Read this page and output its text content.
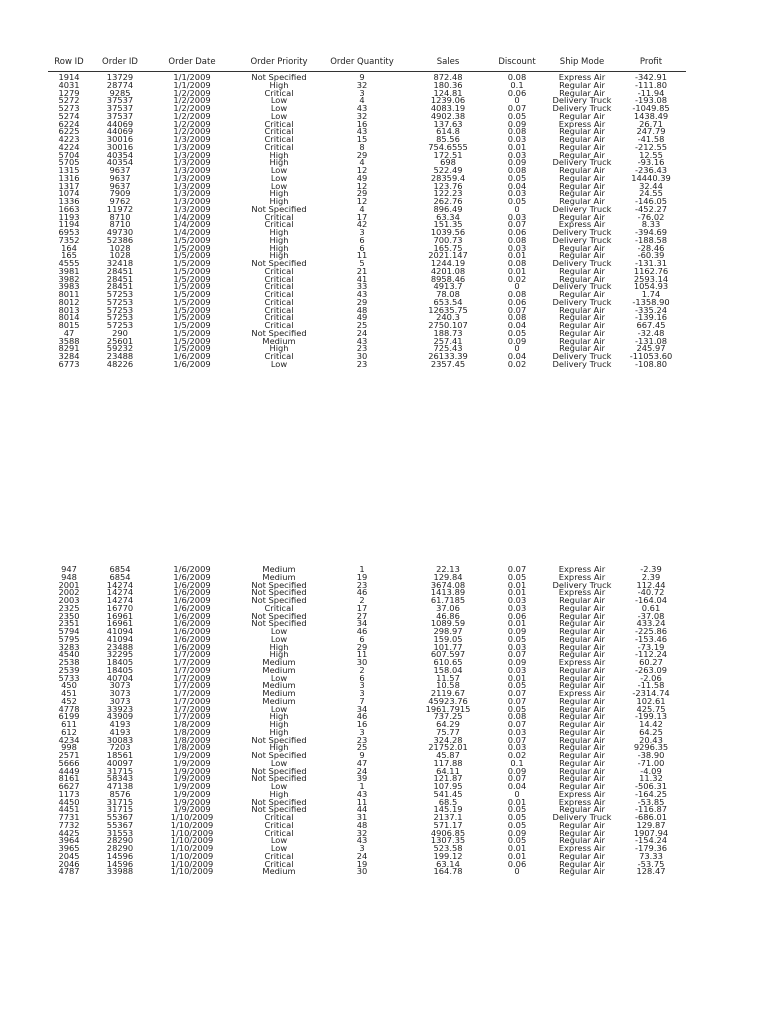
Row ID Order ID	Order Date	Order Priority	Order Quantity	Sales	Discount	Ship Mode	Profit
1914	13729	1/1/2009	Not Specified	9	872.48	0.08	Express Air	-342.91
4031	28774	1/1/2009	High	32	180.36	0.1	Regular Air	-111.80
1279	9285	1/2/2009	Critical	3	124.81	0.06	Regular Air	-11.94
5272	37537	1/2/2009	Low	4	1239.06	0	Delivery Truck	-193.08
5273	37537	1/2/2009	Low	43	4083.19	0.07	Delivery Truck	-1049.85
5274	37537	1/2/2009	Low	32	4902.38	0.05	Regular Air	1438.49
6224	44069	1/2/2009	Critical	16	137.63	0.09	Express Air	26.71
6225	44069	1/2/2009	Critical	43	614.8	0.08	Regular Air	247.79
4223	30016	1/3/2009	Critical	15	85.56	0.03	Regular Air	-41.58
4224	30016	1/3/2009	Critical	8	754.6555	0.01	Regular Air	-212.55
5704	40354	1/3/2009	High	29	172.51	0.03	Regular Air	12.55
5705	40354	1/3/2009	High	4	698	0.09	Delivery Truck	-93.16
1315	9637	1/3/2009	Low	12	522.49	0.08	Regular Air	-236.43
1316	9637	1/3/2009	Low	49	28359.4	0.05	Regular Air	14440.39
1317	9637	1/3/2009	Low	12	123.76	0.04	Regular Air	32.44
1074	7909	1/3/2009	High	29	122.23	0.03	Regular Air	24.55
1336	9762	1/3/2009	High	12	262.76	0.05	Regular Air	-146.05
1663	11972	1/3/2009	Not Specified	4	896.49	0	Delivery Truck	-452.27
1193	8710	1/4/2009	Critical	17	63.34	0.03	Regular Air	-76.02
1194	8710	1/4/2009	Critical	42	151.35	0.07	Express Air	8.33
6953	49730	1/4/2009	High	3	1039.56	0.06	Delivery Truck	-394.69
7352	52386	1/5/2009	High	6	700.73	0.08	Delivery Truck	-188.58
164	1028	1/5/2009	High	6	165.75	0.03	Regular Air	-28.46
165	1028	1/5/2009	High	11	2021.147	0.01	Regular Air	-60.39
4555	32418	1/5/2009	Not Specified	5	1244.19	0.08	Delivery Truck	-131.31
3981	28451	1/5/2009	Critical	21	4201.08	0.01	Regular Air	1162.76
3982	28451	1/5/2009	Critical	41	8958.46	0.02	Regular Air	2593.14
3983	28451	1/5/2009	Critical	33	4913.7	0	Delivery Truck	1054.93
8011	57253	1/5/2009	Critical	43	78.08	0.08	Regular Air	1.74
8012	57253	1/5/2009	Critical	29	653.54	0.06	Delivery Truck	-1358.90
8013	57253	1/5/2009	Critical	48	12635.75	0.07	Regular Air	-335.24
8014	57253	1/5/2009	Critical	49	240.3	0.08	Regular Air	-139.16
8015	57253	1/5/2009	Critical	25	2750.107	0.04	Regular Air	667.45
47	290	1/5/2009	Not Specified	24	188.73	0.05	Regular Air	-32.48
3588	25601	1/5/2009	Medium	43	257.41	0.09	Regular Air	-131.08
8291	59232	1/5/2009	High	23	725.43	0	Regular Air	245.97
3284	23488	1/6/2009	Critical	30	26133.39	0.04	Delivery Truck -11053.60
6773	48226	1/6/2009	Low	23	2357.45	0.02	Delivery Truck	-108.80
947	6854	1/6/2009	Medium	1	22.13	0.07	Express Air	-2.39
948	6854	1/6/2009	Medium	19	129.84	0.05	Express Air	2.39
2001	14274	1/6/2009	Not Specified	23	3674.08	0.01	Delivery Truck	112.44
2002	14274	1/6/2009	Not Specified	46	1413.89	0.01	Express Air	-40.72
2003	14274	1/6/2009	Not Specified	2	61.7185	0.03	Regular Air	-164.04
2325	16770	1/6/2009	Critical	17	37.06	0.03	Regular Air	0.61
2350	16961	1/6/2009	Not Specified	27	46.86	0.06	Regular Air	-37.08
2351	16961	1/6/2009	Not Specified	34	1089.59	0.01	Regular Air	433.24
5794	41094	1/6/2009	Low	46	298.97	0.09	Regular Air	-225.86
5795	41094	1/6/2009	Low	6	159.05	0.05	Regular Air	-153.46
3283	23488	1/6/2009	High	29	101.77	0.03	Regular Air	-73.19
4540	32295	1/7/2009	High	11	607.597	0.07	Regular Air	-112.24
2538	18405	1/7/2009	Medium	30	610.65	0.09	Express Air	60.27
2539	18405	1/7/2009	Medium	2	158.04	0.03	Regular Air	-263.09
5733	40704	1/7/2009	Low	6	11.57	0.01	Regular Air	-2.06
450	3073	1/7/2009	Medium	3	10.58	0.05	Regular Air	-11.58
451	3073	1/7/2009	Medium	3	2119.67	0.07	Express Air	-2314.74
452	3073	1/7/2009	Medium	7	45923.76	0.07	Regular Air	102.61
4778	33923	1/7/2009	Low	34	1961.7915	0.05	Regular Air	425.75
6199	43909	1/7/2009	High	46	737.25	0.08	Regular Air	-199.13
611	4193	1/8/2009	High	16	64.29	0.07	Regular Air	14.42
612	4193	1/8/2009	High	3	75.77	0.03	Regular Air	64.25
4234	30083	1/8/2009	Not Specified	23	324.28	0.07	Regular Air	20.43
998	7203	1/8/2009	High	25	21752.01	0.03	Regular Air	9296.35
2571	18561	1/9/2009	Not Specified	9	45.87	0.02	Regular Air	-38.90
5666	40097	1/9/2009	Low	47	117.88	0.1	Regular Air	-71.00
4449	31715	1/9/2009	Not Specified	24	64.11	0.09	Regular Air	-4.09
8161	58343	1/9/2009	Not Specified	39	121.87	0.07	Regular Air	11.32
6627	47138	1/9/2009	Low	1	107.95	0.04	Regular Air	-506.31
1173	8576	1/9/2009	High	43	541.45	0	Express Air	-164.25
4450	31715	1/9/2009	Not Specified	11	68.5	0.01	Express Air	-53.85
4451	31715	1/9/2009	Not Specified	44	145.19	0.05	Regular Air	-116.87
7731	55367	1/10/2009	Critical	31	2137.1	0.05	Delivery Truck	-686.01
7732	55367	1/10/2009	Critical	48	571.17	0.05	Regular Air	129.87
4425	31553	1/10/2009	Critical	32	4906.85	0.09	Regular Air	1907.94
3964	28290	1/10/2009	Low	43	1307.35	0.05	Regular Air	-154.24
3965	28290	1/10/2009	Low	3	523.58	0.01	Express Air	-179.36
2045	14596	1/10/2009	Critical	24	199.12	0.01	Regular Air	73.33
2046	14596	1/10/2009	Critical	19	63.14	0.06	Regular Air	-53.75
4787	33988	1/10/2009	Medium	30	164.78	0	Regular Air	128.47
